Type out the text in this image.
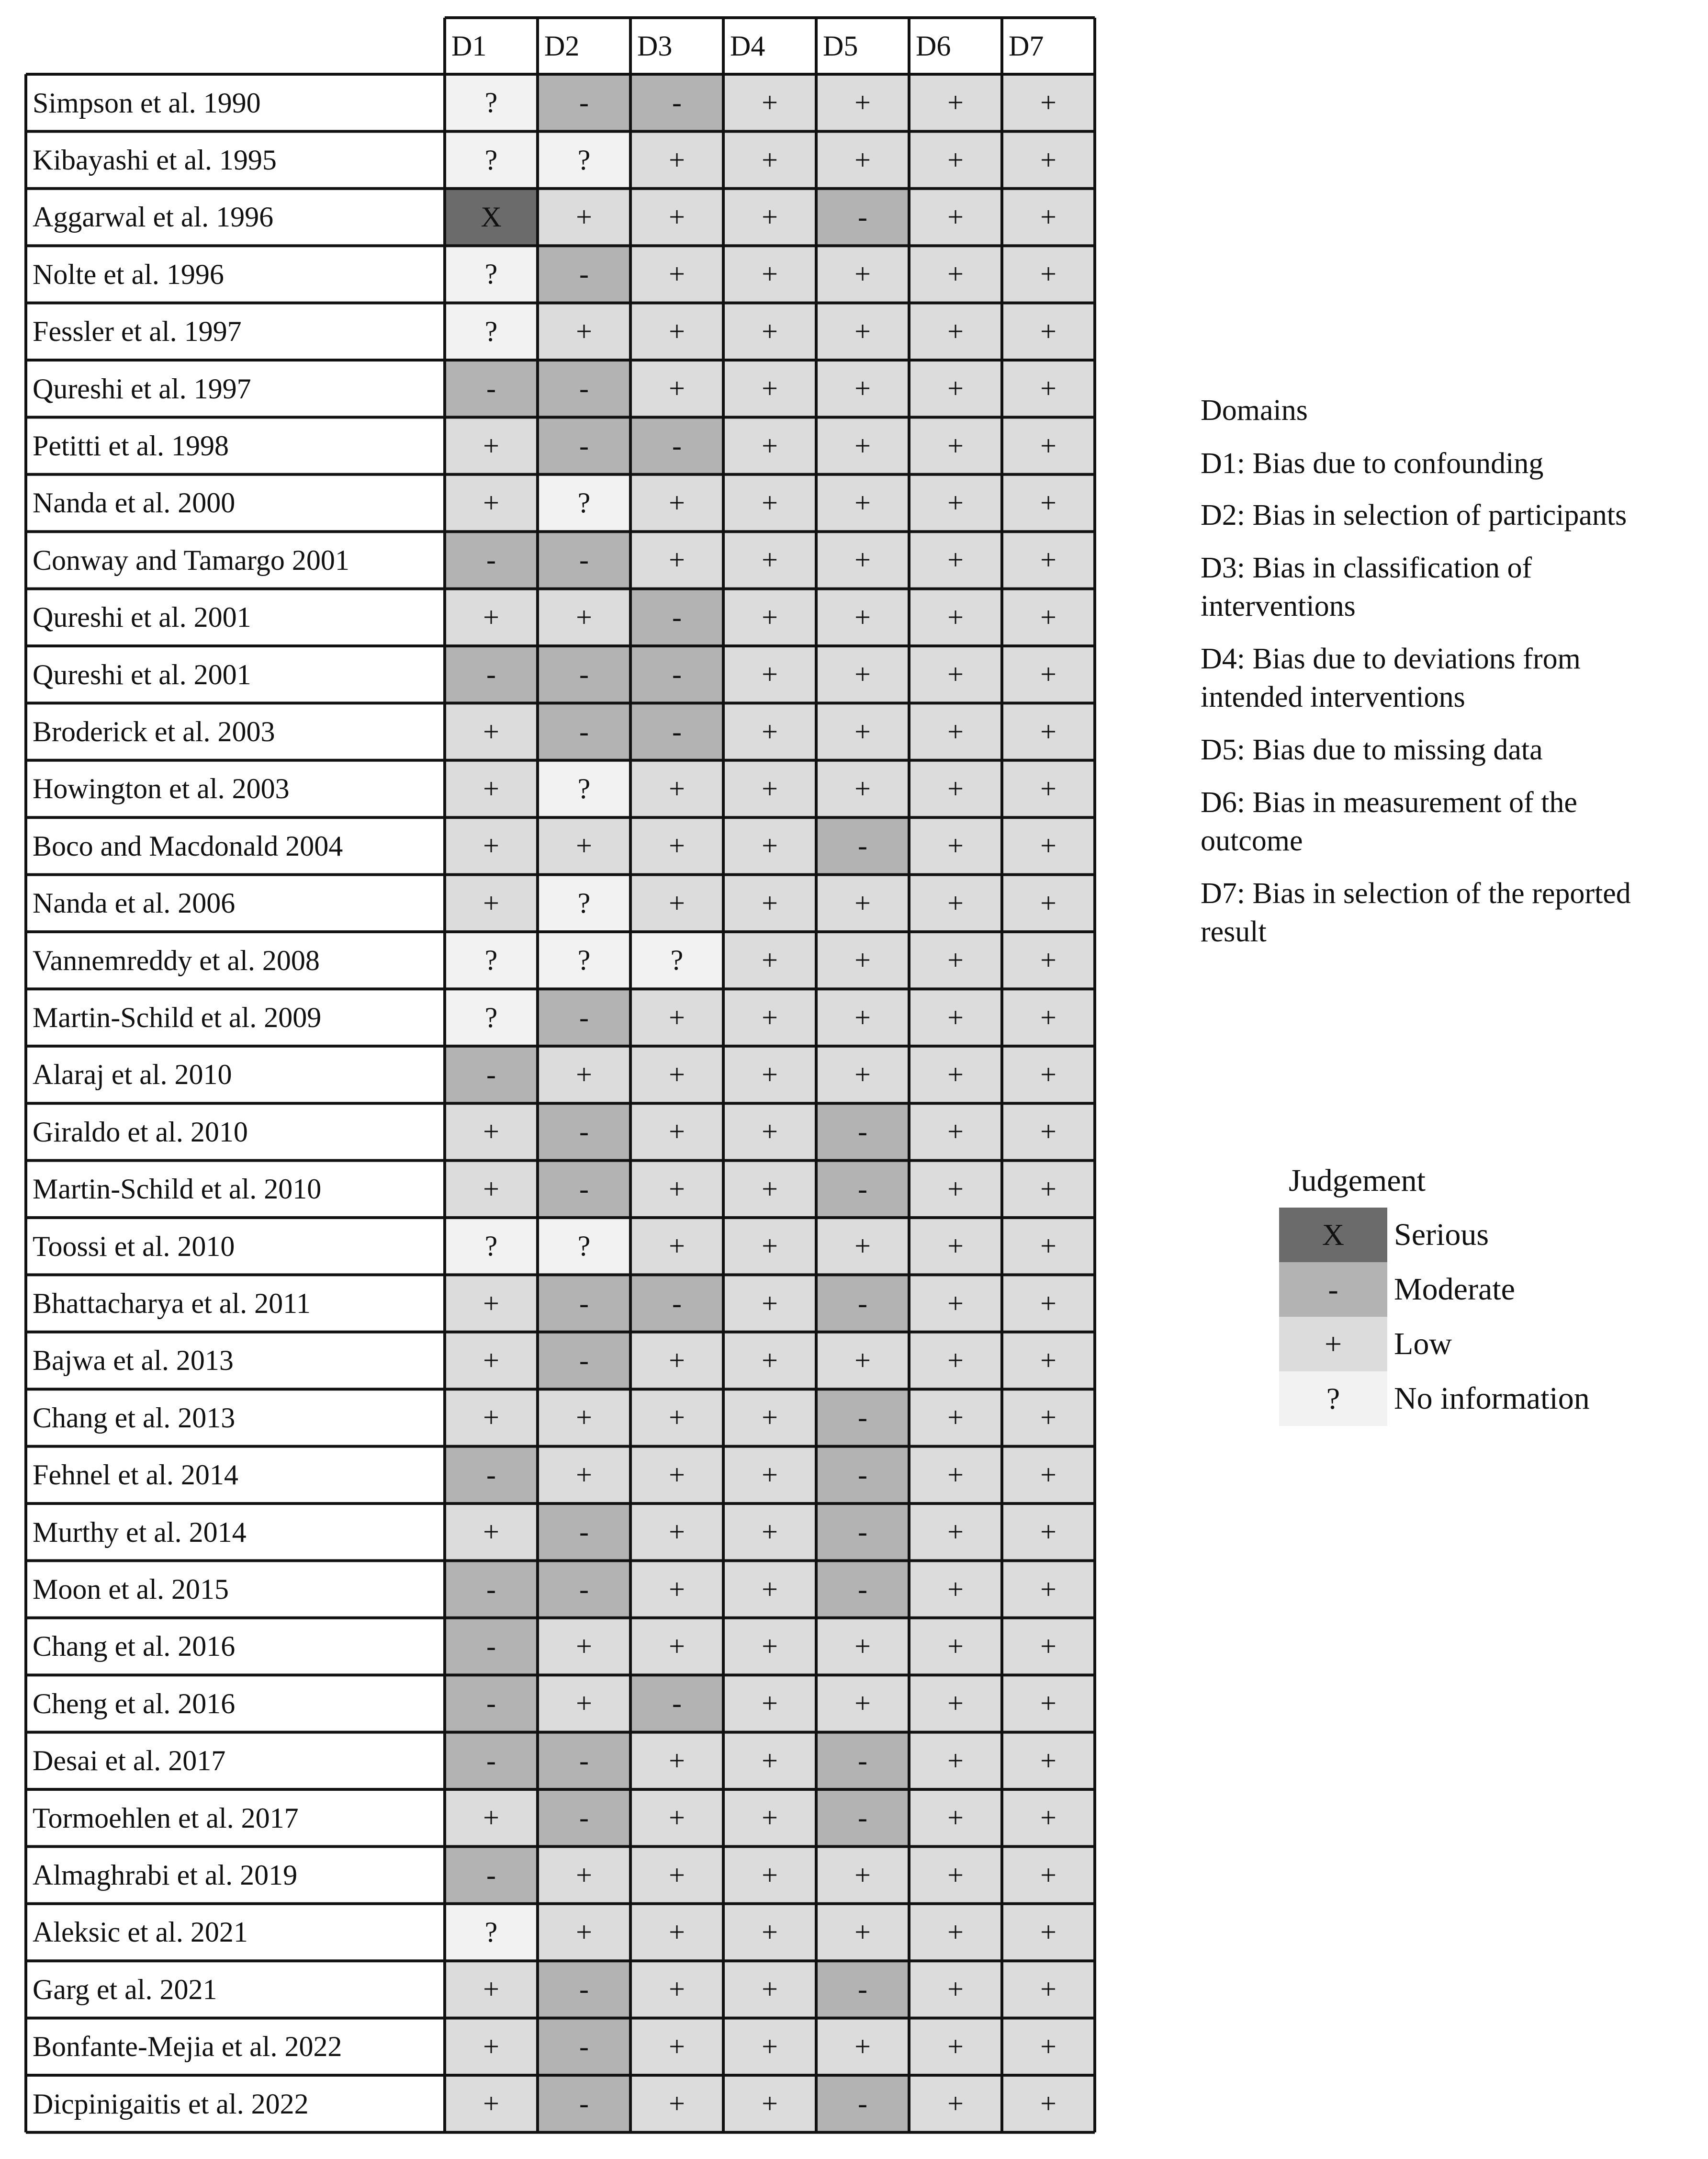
D1	D2	D3	D4	D5	D6	D7
Simpson et al. 1990	?	-	-	+	+	+	+
Kibayashi et al. 1995	?	?	+	+	+	+	+
Aggarwal et al. 1996	X	+	+	+	-	+	+
Nolte et al. 1996	?	-	+	+	+	+	+
Fessler et al. 1997	?	+	+	+	+	+	+
Qureshi et al. 1997	-	-	+	+	+	+	+
Petitti et al. 1998	+	-	-	+	+	+	+
Nanda et al. 2000	+	?	+	+	+	+	+
Conway and Tamargo 2001	-	-	+	+	+	+	+
Qureshi et al. 2001	+	+	-	+	+	+	+
Qureshi et al. 2001	-	-	-	+	+	+	+
Broderick et al. 2003	+	-	-	+	+	+	+
Howington et al. 2003	+	?	+	+	+	+	+
Boco and Macdonald 2004	+	+	+	+	-	+	+
Nanda et al. 2006	+	?	+	+	+	+	+
Vannemreddy et al. 2008	?	?	?	+	+	+	+
Martin-Schild et al. 2009	?	-	+	+	+	+	+
Alaraj et al. 2010	-	+	+	+	+	+	+
Giraldo et al. 2010	+	-	+	+	-	+	+
Martin-Schild et al. 2010	+	-	+	+	-	+	+
Toossi et al. 2010	?	?	+	+	+	+	+
Bhattacharya et al. 2011	+	-	-	+	-	+	+
Bajwa et al. 2013	+	-	+	+	+	+	+
Chang et al. 2013	+	+	+	+	-	+	+
Fehnel et al. 2014	-	+	+	+	-	+	+
Murthy et al. 2014	+	-	+	+	-	+	+
Moon et al. 2015	-	-	+	+	-	+	+
Chang et al. 2016	-	+	+	+	+	+	+
Cheng et al. 2016	-	+	-	+	+	+	+
Desai et al. 2017	-	-	+	+	-	+	+
Tormoehlen et al. 2017	+	-	+	+	-	+	+
Almaghrabi et al. 2019	-	+	+	+	+	+	+
Aleksic et al. 2021	?	+	+	+	+	+	+
Garg et al. 2021	+	-	+	+	-	+	+
Bonfante-Mejia et al. 2022	+	-	+	+	+	+	+
Dicpinigaitis et al. 2022	+	-	+	+	-	+	+
Domains
D1: Bias due to confounding
D2: Bias in selection of participants
D3: Bias in classification of interventions
D4: Bias due to deviations from intended interventions
D5: Bias due to missing data
D6: Bias in measurement of the outcome
D7: Bias in selection of the reported result
Judgement
X	Serious
-	Moderate
+	Low
?	No information
